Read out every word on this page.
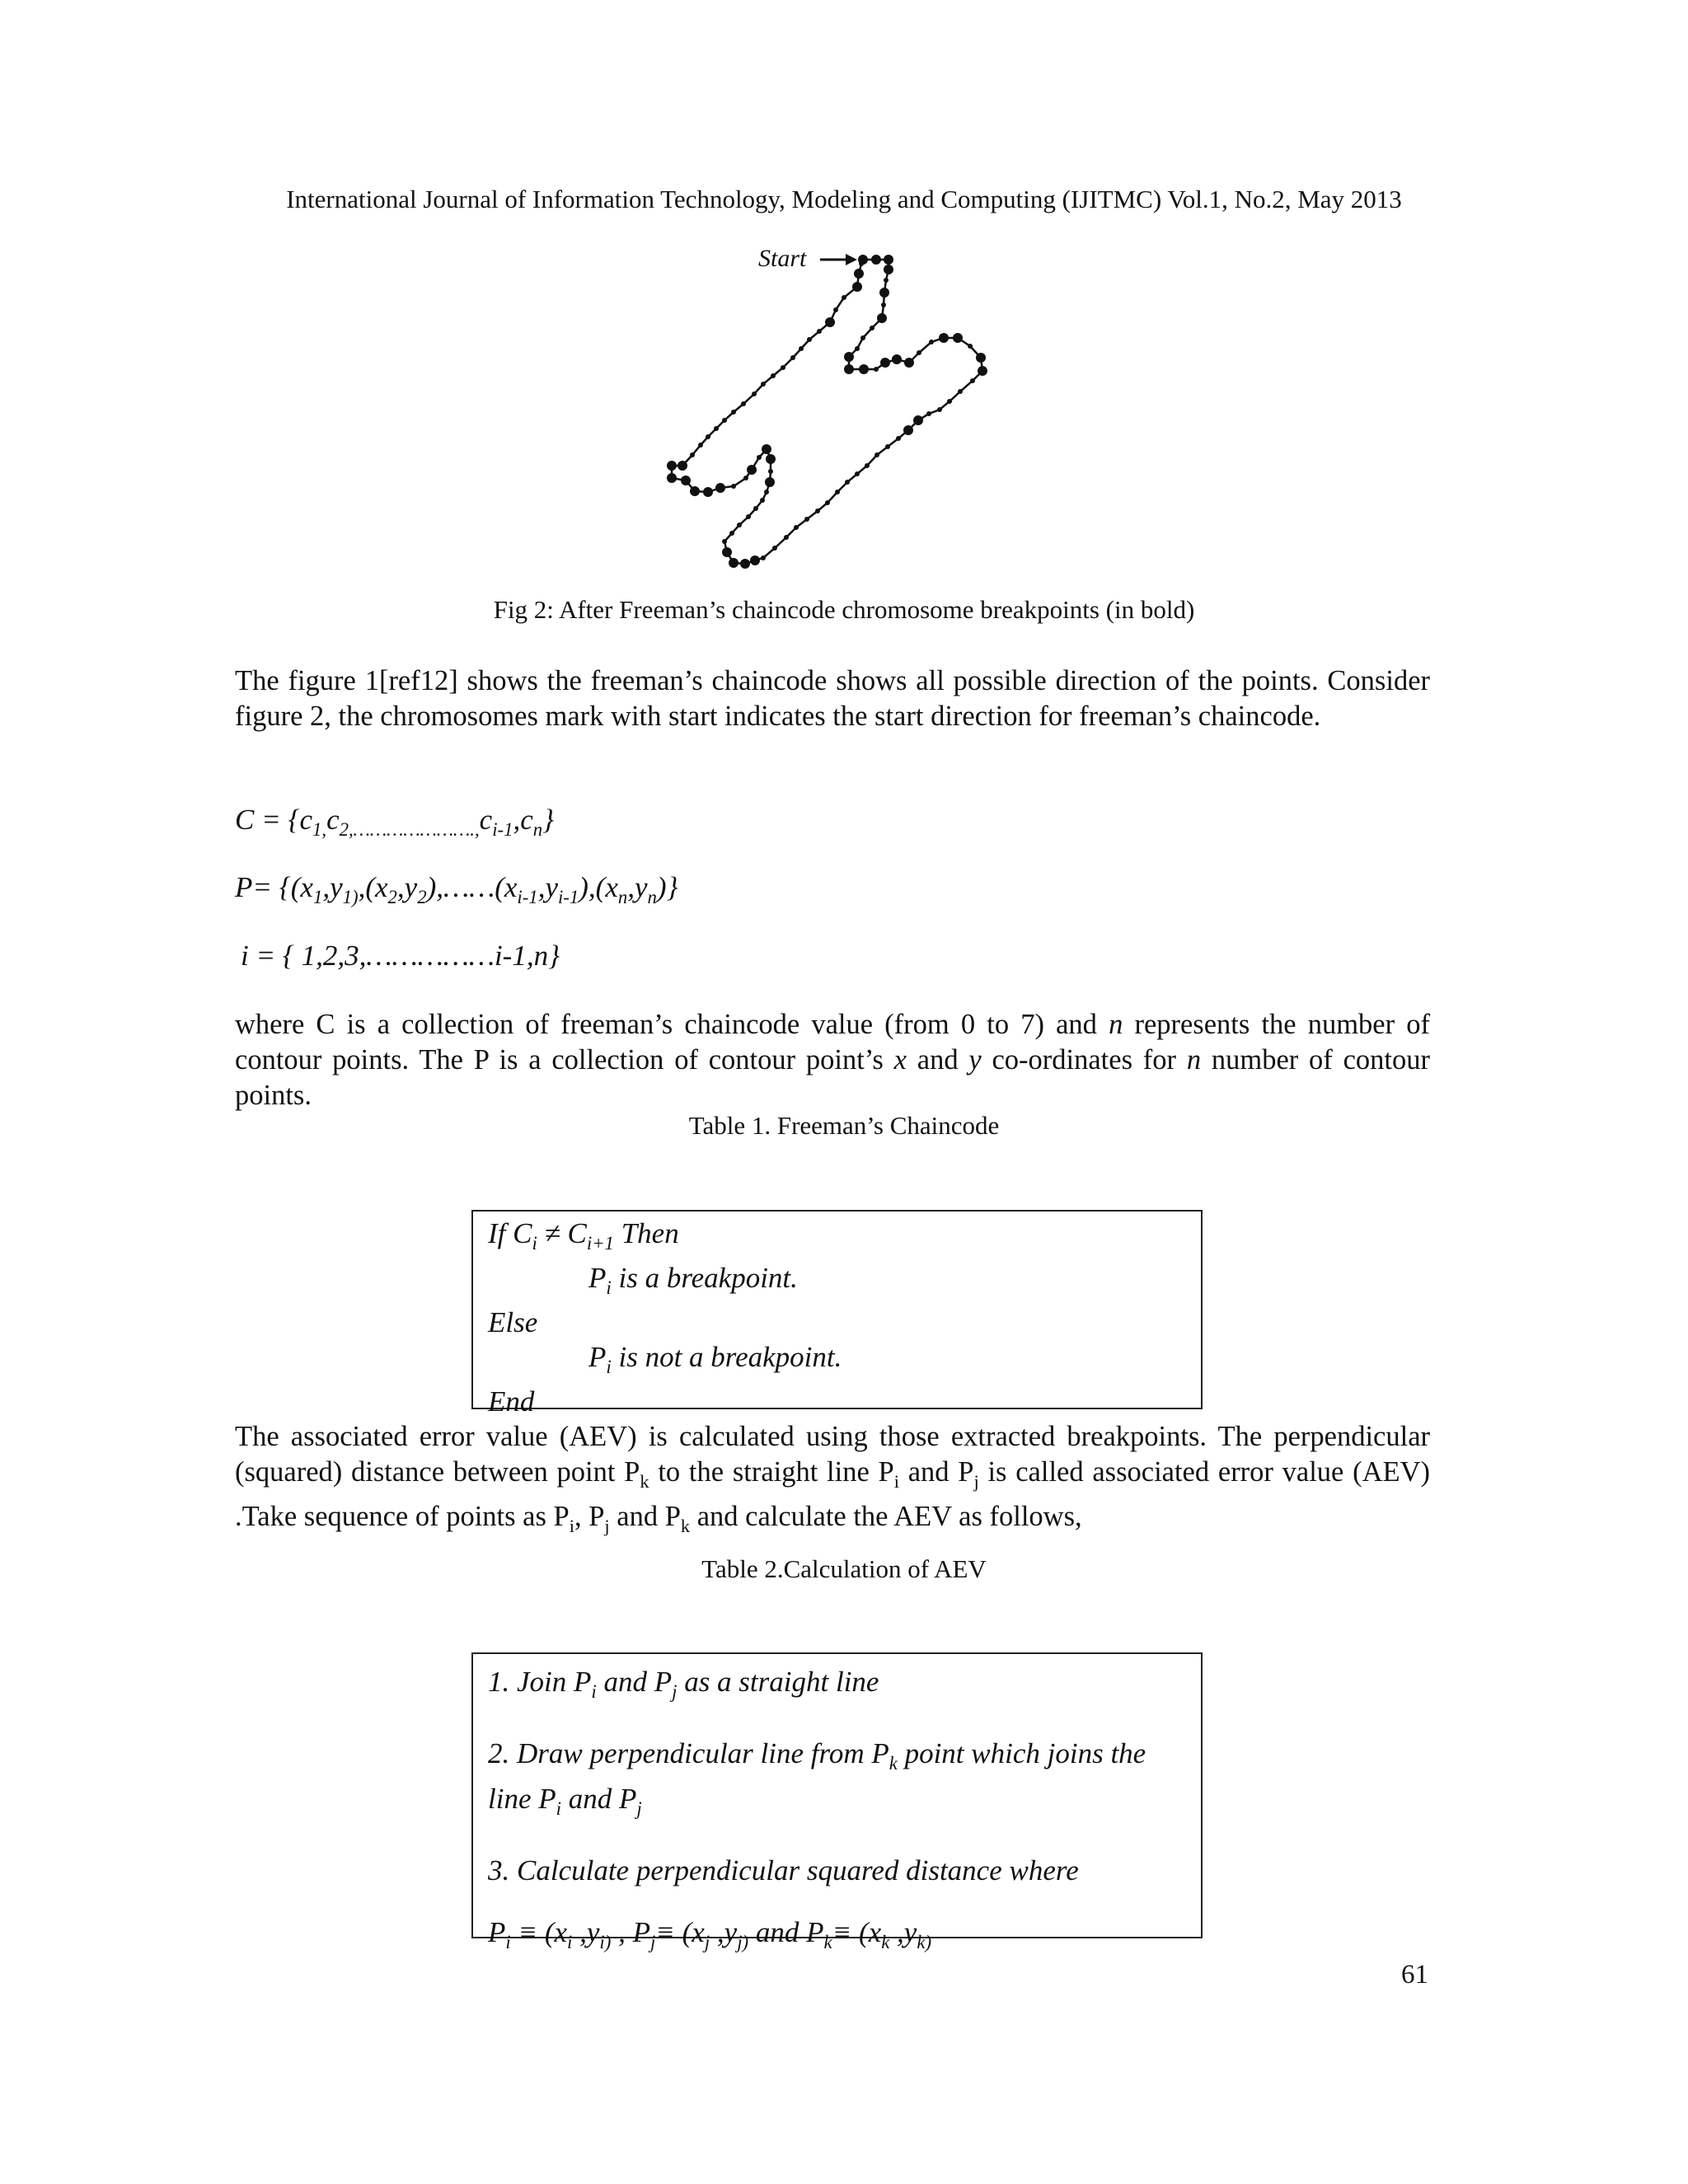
International Journal of Information Technology, Modeling and Computing (IJITMC) Vol.1, No.2, May 2013
Start
Fig 2: After Freeman’s chaincode chromosome breakpoints (in bold)
The figure 1[ref12] shows the freeman’s chaincode shows all possible direction of the points. Consider figure 2, the chromosomes mark with start indicates the start direction for freeman’s chaincode.
$C = \{c_{1,}c_{2,\dots\dots\dots\dots\dots\dots\dots.,}c_{i-1},c_n\}$
$P= \{(x_1,y_{1)},(x_2,y_2),\dots\dots(x_{i-1},y_{i-1}),(x_n,y_n)\}$
i = { 1,2,3,……………i-1,n}
where C is a collection of freeman’s chaincode value (from 0 to 7) and n represents the number of contour points. The P is a collection of contour point’s x and y co-ordinates for n number of contour points.
Table 1. Freeman’s Chaincode
If $C_i \ne C_{i+1}$ Then
$P_i$ is a breakpoint.
Else
$P_i$ is not a breakpoint.
End
The associated error value (AEV) is calculated using those extracted breakpoints. The perpendicular (squared) distance between point $P_k$ to the straight line $P_i$ and $P_j$ is called associated error value (AEV) .Take sequence of points as $P_i$, $P_j$ and $P_k$ and calculate the AEV as follows,
Table 2.Calculation of AEV
1. Join $P_i$ and $P_j$ as a straight line
2. Draw perpendicular line from $P_k$ point which joins the line $P_i$ and $P_j$
3. Calculate perpendicular squared distance where
$P_i \equiv (x_i$ $,y_{i)}$ , $P_j\equiv (x_j$ $,y_{j)}$ and $P_k\equiv (x_k$ $,y_{k)}$
61
